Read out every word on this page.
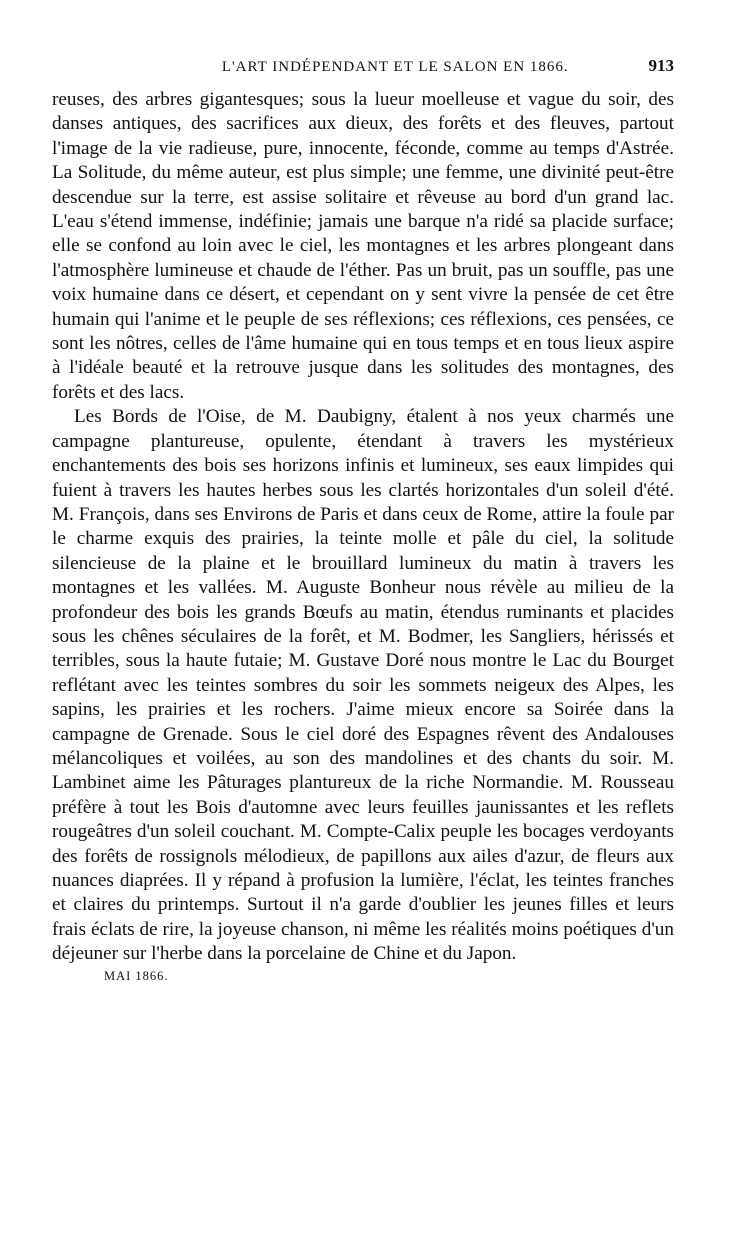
L'ART INDÉPENDANT ET LE SALON EN 1866.	913

reuses, des arbres gigantesques; sous la lueur moelleuse et vague du soir, des danses antiques, des sacrifices aux dieux, des forêts et des fleuves, partout l'image de la vie radieuse, pure, innocente, féconde, comme au temps d'Astrée. La Solitude, du même auteur, est plus simple; une femme, une divinité peut-être descendue sur la terre, est assise solitaire et rêveuse au bord d'un grand lac. L'eau s'étend immense, indéfinie; jamais une barque n'a ridé sa placide surface; elle se confond au loin avec le ciel, les montagnes et les arbres plongeant dans l'atmosphère lumineuse et chaude de l'éther. Pas un bruit, pas un souffle, pas une voix humaine dans ce désert, et cependant on y sent vivre la pensée de cet être humain qui l'anime et le peuple de ses réflexions; ces réflexions, ces pensées, ce sont les nôtres, celles de l'âme humaine qui en tous temps et en tous lieux aspire à l'idéale beauté et la retrouve jusque dans les solitudes des montagnes, des forêts et des lacs.

Les Bords de l'Oise, de M. Daubigny, étalent à nos yeux charmés une campagne plantureuse, opulente, étendant à travers les mystérieux enchantements des bois ses horizons infinis et lumineux, ses eaux limpides qui fuient à travers les hautes herbes sous les clartés horizontales d'un soleil d'été. M. François, dans ses Environs de Paris et dans ceux de Rome, attire la foule par le charme exquis des prairies, la teinte molle et pâle du ciel, la solitude silencieuse de la plaine et le brouillard lumineux du matin à travers les montagnes et les vallées. M. Auguste Bonheur nous révèle au milieu de la profondeur des bois les grands Bœufs au matin, étendus ruminants et placides sous les chênes séculaires de la forêt, et M. Bodmer, les Sangliers, hérissés et terribles, sous la haute futaie; M. Gustave Doré nous montre le Lac du Bourget reflétant avec les teintes sombres du soir les sommets neigeux des Alpes, les sapins, les prairies et les rochers. J'aime mieux encore sa Soirée dans la campagne de Grenade. Sous le ciel doré des Espagnes rêvent des Andalouses mélancoliques et voilées, au son des mandolines et des chants du soir. M. Lambinet aime les Pâturages plantureux de la riche Normandie. M. Rousseau préfère à tout les Bois d'automne avec leurs feuilles jaunissantes et les reflets rougeâtres d'un soleil couchant. M. Compte-Calix peuple les bocages verdoyants des forêts de rossignols mélodieux, de papillons aux ailes d'azur, de fleurs aux nuances diaprées. Il y répand à profusion la lumière, l'éclat, les teintes franches et claires du printemps. Surtout il n'a garde d'oublier les jeunes filles et leurs frais éclats de rire, la joyeuse chanson, ni même les réalités moins poétiques d'un déjeuner sur l'herbe dans la porcelaine de Chine et du Japon.

MAI 1866.
